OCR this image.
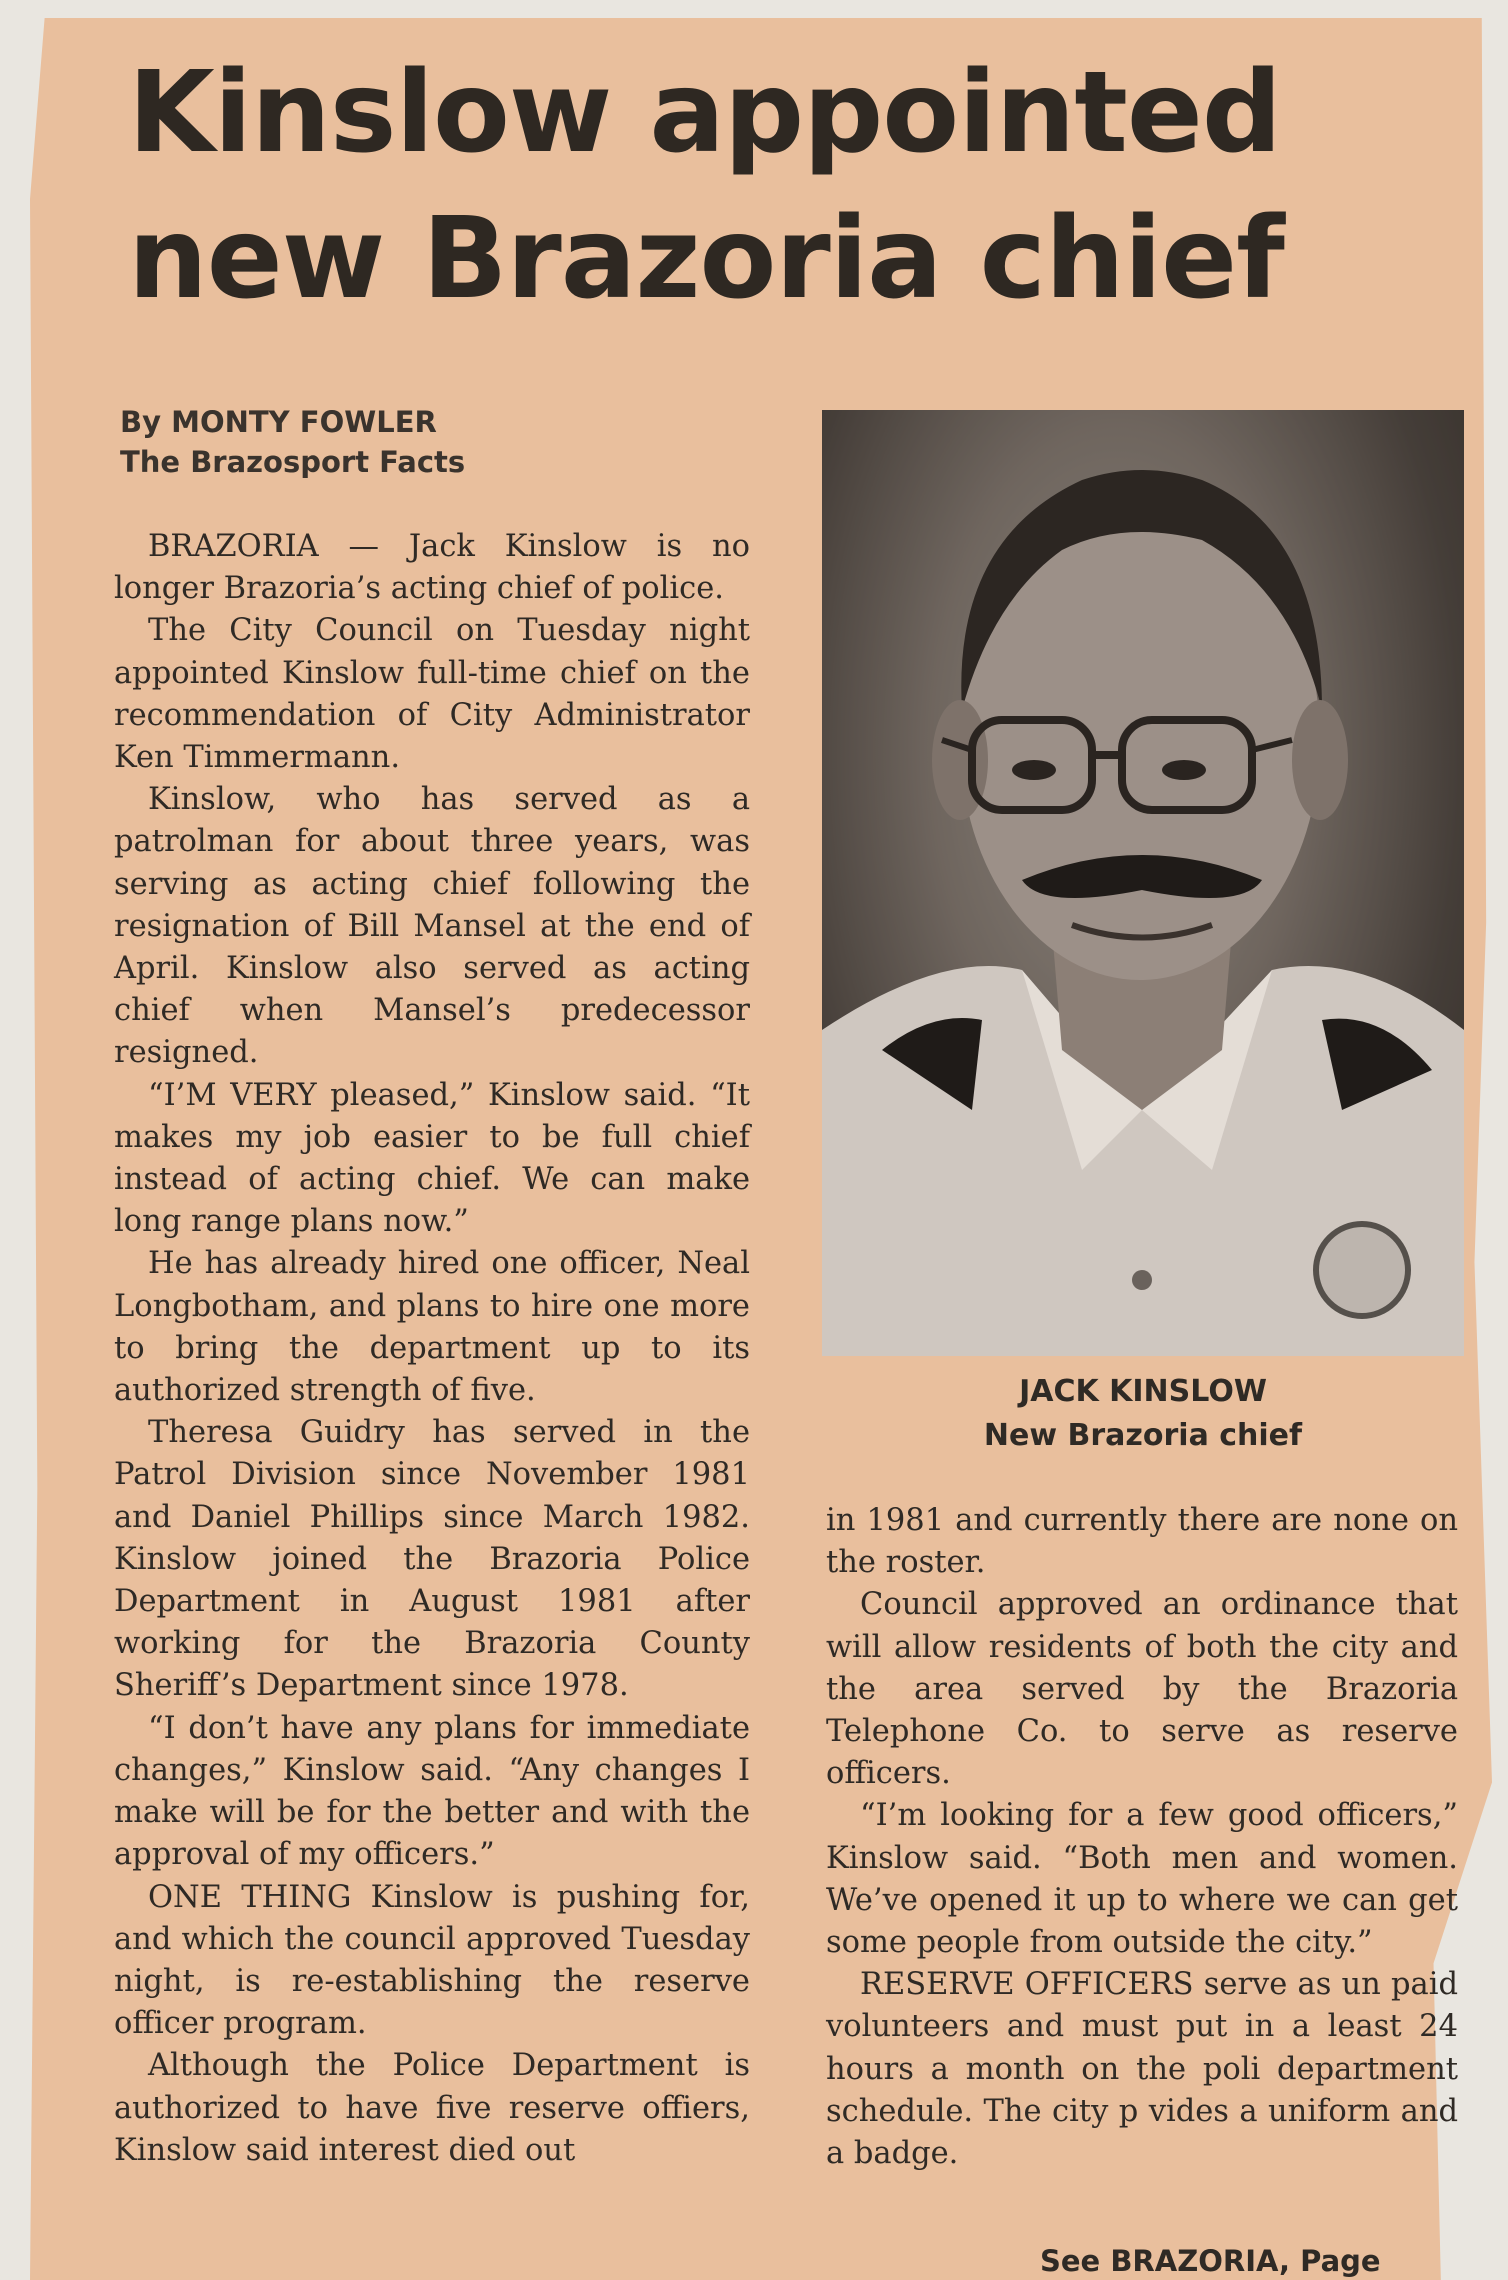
Kinslow appointed
new Brazoria chief
By MONTY FOWLER
The Brazosport Facts

BRAZORIA — Jack Kinslow is no longer Brazoria’s acting chief of police.

The City Council on Tuesday night appointed Kinslow full-time chief on the recommendation of City Administrator Ken Timmermann.

Kinslow, who has served as a patrolman for about three years, was serving as acting chief following the resignation of Bill Mansel at the end of April. Kinslow also served as acting chief when Mansel’s predecessor resigned.

“I’M VERY pleased,” Kinslow said. “It makes my job easier to be full chief instead of acting chief. We can make long range plans now.”

He has already hired one officer, Neal Longbotham, and plans to hire one more to bring the department up to its authorized strength of five.

Theresa Guidry has served in the Patrol Division since November 1981 and Daniel Phillips since March 1982. Kinslow joined the Brazoria Police Department in August 1981 after working for the Brazoria County Sheriff’s Department since 1978.

“I don’t have any plans for immediate changes,” Kinslow said. “Any changes I make will be for the better and with the approval of my officers.”

ONE THING Kinslow is pushing for, and which the council approved Tuesday night, is re-establishing the reserve officer program.

Although the Police Department is authorized to have five reserve offiers, Kinslow said interest died out

JACK KINSLOW
New Brazoria chief

in 1981 and currently there are none on the roster.

Council approved an ordinance that will allow residents of both the city and the area served by the Brazoria Telephone Co. to serve as reserve officers.

“I’m looking for a few good officers,” Kinslow said. “Both men and women. We’ve opened it up to where we can get some people from outside the city.”

RESERVE OFFICERS serve as un paid volunteers and must put in a least 24 hours a month on the poli department schedule. The city p vides a uniform and a badge.

See BRAZORIA, Page
